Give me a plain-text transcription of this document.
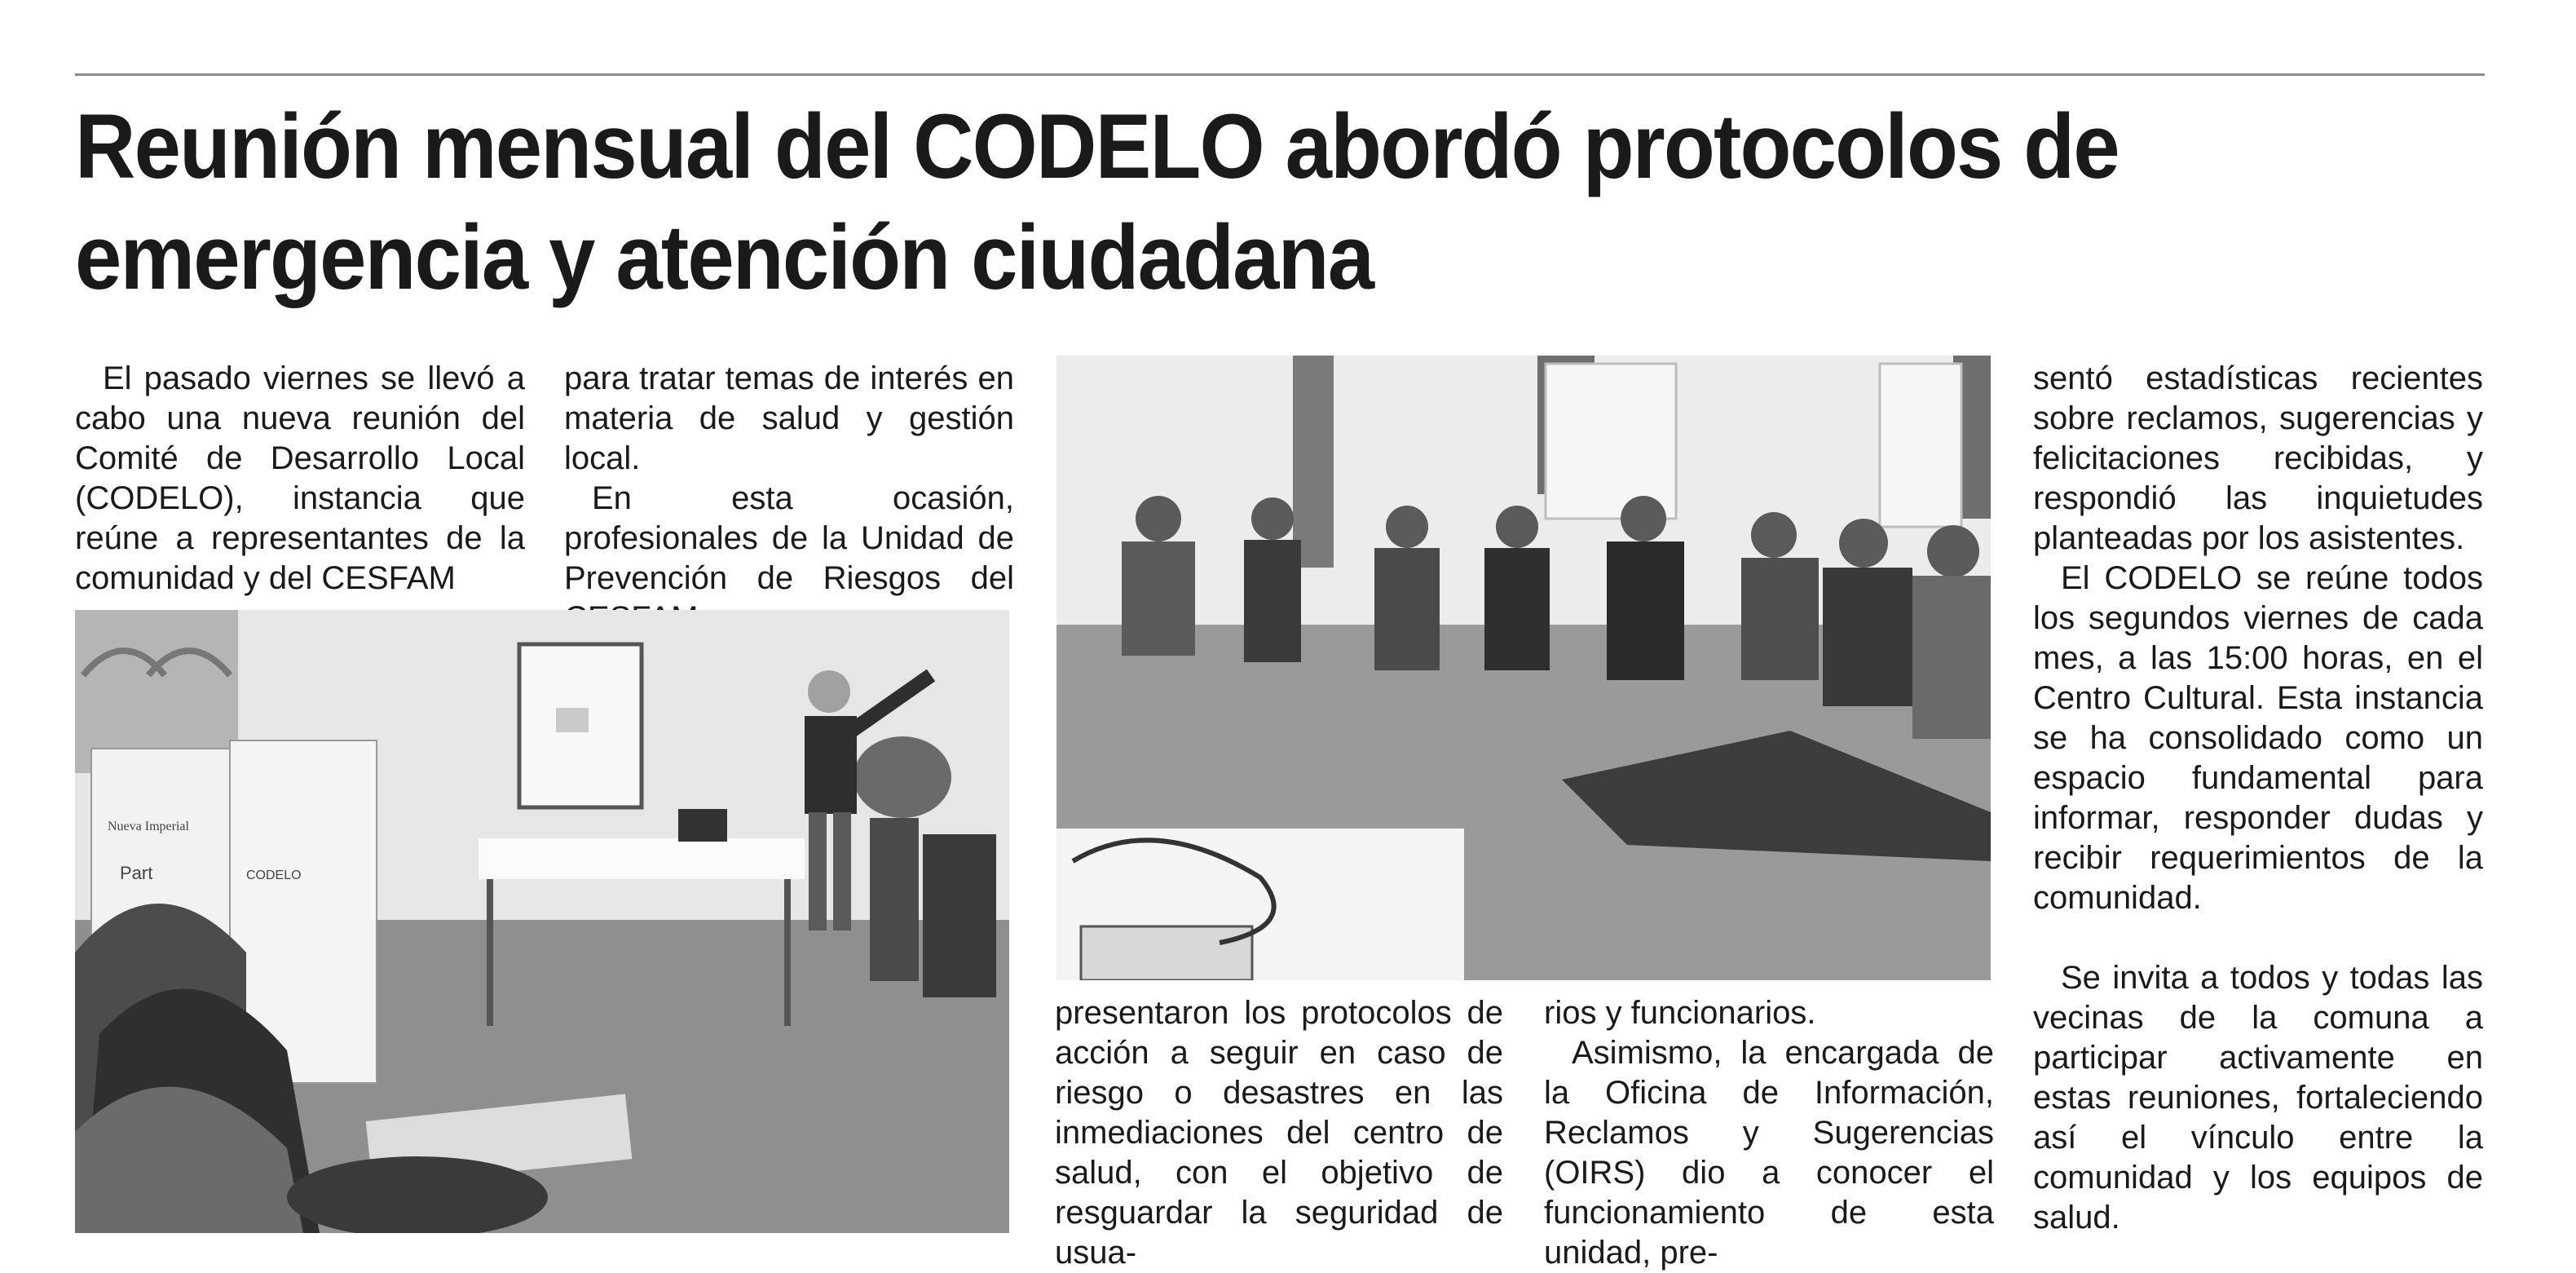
Reunión mensual del CODELO abordó protocolos de
emergencia y atención ciudadana

El pasado viernes se llevó a cabo una nueva reunión del Comité de Desarrollo Local (CODELO), instancia que reúne a representantes de la comunidad y del CESFAM

para tratar temas de interés en materia de salud y gestión local.

En esta ocasión, profesionales de la Unidad de Prevención de Riesgos del

Nueva Imperial
CODELO
Part

presentaron los protocolos de acción a seguir en caso de riesgo o desastres en las inmediaciones del centro de salud, con el objetivo de resguardar la seguridad de usua-

rios y funcionarios.

Asimismo, la encargada de la Oficina de Información, Reclamos y Sugerencias (OIRS) dio a conocer el funcionamiento de esta unidad, pre-

sentó estadísticas recientes sobre reclamos, sugerencias y felicitaciones recibidas, y respondió las inquietudes planteadas por los asistentes.

El CODELO se reúne todos los segundos viernes de cada mes, a las 15:00 horas, en el Centro Cultural. Esta instancia se ha consolidado como un espacio fundamental para informar, responder dudas y recibir requerimientos de la comunidad.

Se invita a todos y todas las vecinas de la comuna a participar activamente en estas reuniones, fortaleciendo así el vínculo entre la comunidad y los equipos de salud.
